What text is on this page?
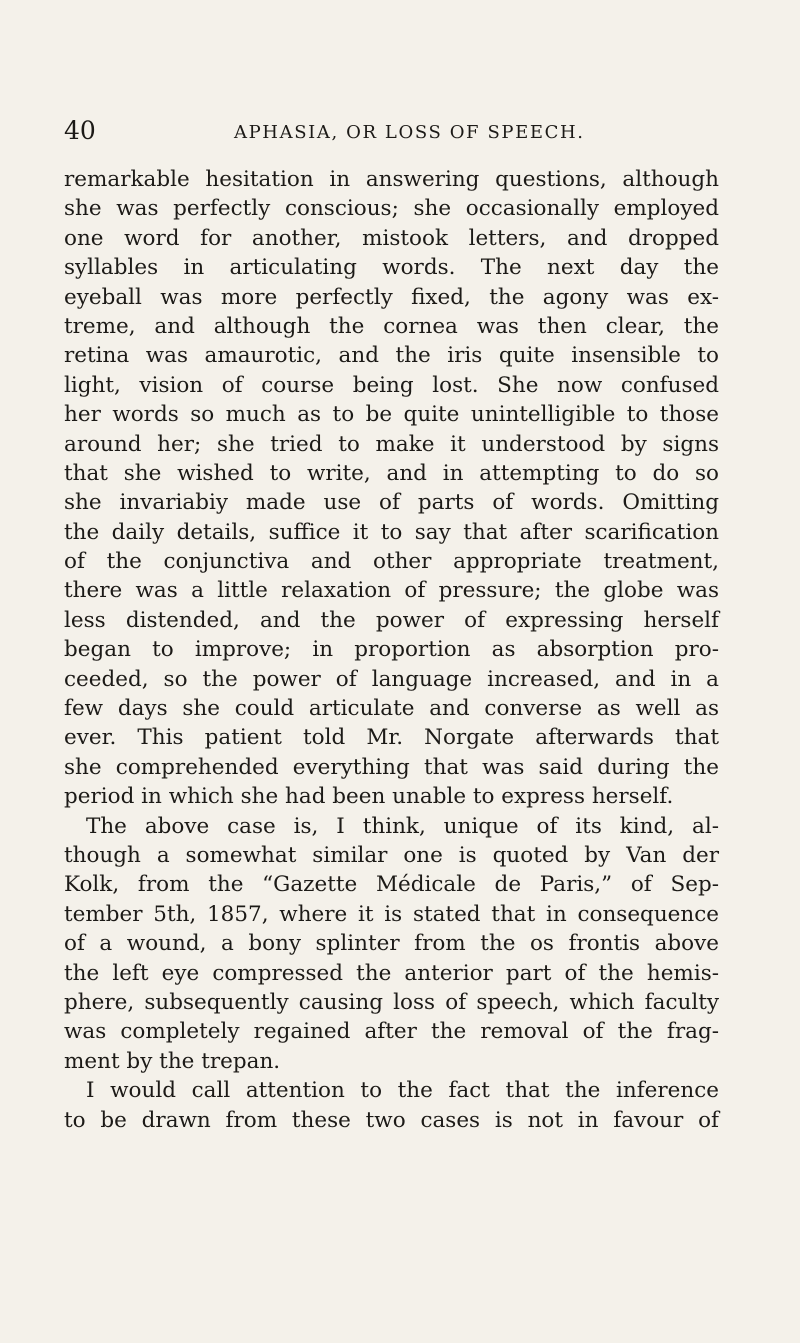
40	APHASIA, OR LOSS OF SPEECH.
remarkable hesitation in answering questions, although
she was perfectly conscious; she occasionally employed
one word for another, mistook letters, and dropped
syllables in articulating words. The next day the
eyeball was more perfectly fixed, the agony was ex-
treme, and although the cornea was then clear, the
retina was amaurotic, and the iris quite insensible to
light, vision of course being lost. She now confused
her words so much as to be quite unintelligible to those
around her; she tried to make it understood by signs
that she wished to write, and in attempting to do so
she invariabiy made use of parts of words. Omitting
the daily details, suffice it to say that after scarification
of the conjunctiva and other appropriate treatment,
there was a little relaxation of pressure; the globe was
less distended, and the power of expressing herself
began to improve; in proportion as absorption pro-
ceeded, so the power of language increased, and in a
few days she could articulate and converse as well as
ever. This patient told Mr. Norgate afterwards that
she comprehended everything that was said during the
period in which she had been unable to express herself.
The above case is, I think, unique of its kind, al-
though a somewhat similar one is quoted by Van der
Kolk, from the “Gazette Médicale de Paris,” of Sep-
tember 5th, 1857, where it is stated that in consequence
of a wound, a bony splinter from the os frontis above
the left eye compressed the anterior part of the hemis-
phere, subsequently causing loss of speech, which faculty
was completely regained after the removal of the frag-
ment by the trepan.
I would call attention to the fact that the inference
to be drawn from these two cases is not in favour of
